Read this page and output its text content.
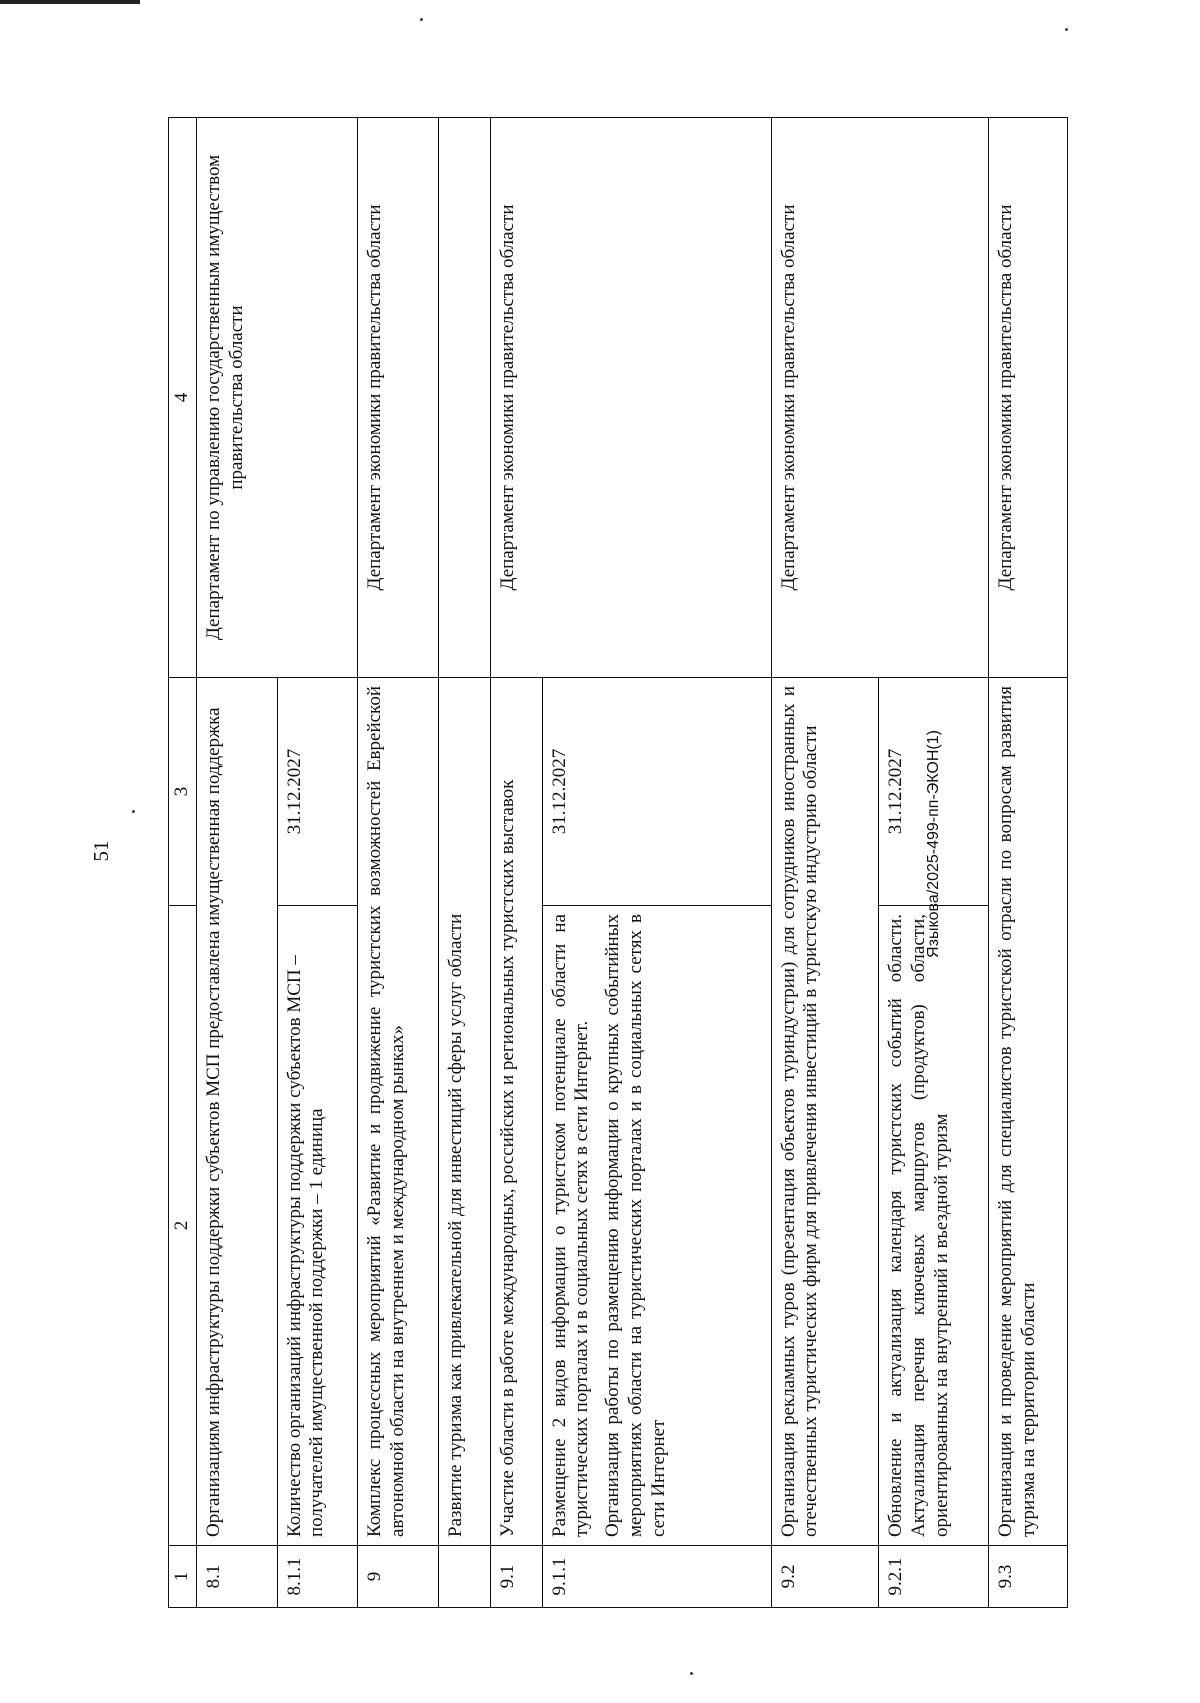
51
1	2	3	4
8.1	Организациям инфраструктуры поддержки субъектов МСП предоставлена имущественная поддержка		Департамент по управлению государственным имуществом правительства области
8.1.1	Количество организаций инфраструктуры поддержки субъектов МСП – получателей имущественной поддержки – 1 единица	31.12.2027	
9	Комплекс процессных мероприятий «Развитие и продвижение туристских возможностей Еврейской автономной области на внутреннем и международном рынках»		Департамент экономики правительства области
	Развитие туризма как привлекательной для инвестиций сферы услуг области		
9.1	Участие области в работе международных, российских и региональных туристских выставок		Департамент экономики правительства области
9.1.1	Размещение 2 видов информации о туристском потенциале области на туристических порталах и в социальных сетях в сети Интернет. Организация работы по размещению информации о крупных событийных мероприятиях области на туристических порталах и в социальных сетях в сети Интернет	31.12.2027	
9.2	Организация рекламных туров (презентация объектов туриндустрии) для сотрудников иностранных и отечественных туристических фирм для привлечения инвестиций в туристскую индустрию области		Департамент экономики правительства области
9.2.1	Обновление и актуализация календаря туристских событий области. Актуализация перечня ключевых маршрутов (продуктов) области, ориентированных на внутренний и въездной туризм	31.12.2027	
9.3	Организация и проведение мероприятий для специалистов туристской отрасли по вопросам развития туризма на территории области		Департамент экономики правительства области
Языкова/2025-499-пп-ЭКОН(1)
